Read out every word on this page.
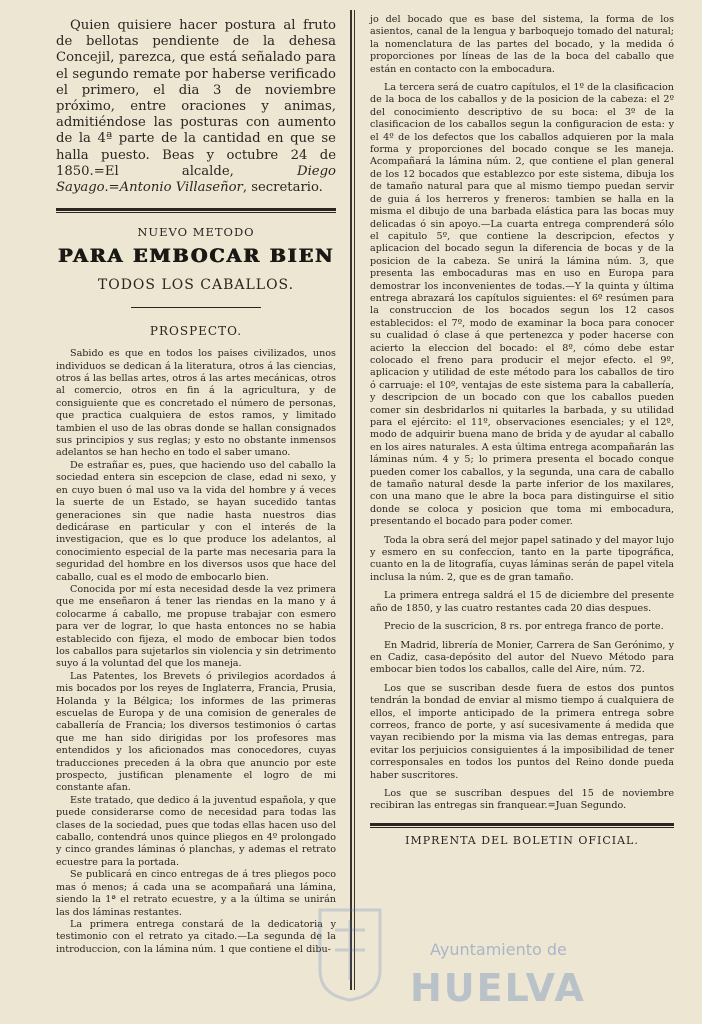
Quien quisiere hacer postura al fruto de bellotas pendiente de la dehesa Concejil, parezca, que está señalado para el segundo remate por haberse verificado el primero, el dia 3 de noviembre próximo, entre oraciones y animas, admitiéndose las posturas con aumento de la 4ª parte de la cantidad en que se halla puesto. Beas y octubre 24 de 1850.=El alcalde, Diego Sayago.=Antonio Villaseñor, secretario.

NUEVO METODO
PARA EMBOCAR BIEN
TODOS LOS CABALLOS.
PROSPECTO.

Sabido es que en todos los paises civilizados, unos individuos se dedican á la literatura, otros á las ciencias, otros á las bellas artes, otros á las artes mecánicas, otros al comercio, otros en fin á la agricultura, y de consiguiente que es concretado el número de personas, que practica cualquiera de estos ramos, y limitado tambien el uso de las obras donde se hallan consignados sus principios y sus reglas; y esto no obstante inmensos adelantos se han hecho en todo el saber umano.

De estrañar es, pues, que haciendo uso del caballo la sociedad entera sin escepcion de clase, edad ni sexo, y en cuyo buen ó mal uso va la vida del hombre y á veces la suerte de un Estado, se hayan sucedido tantas generaciones sin que nadie hasta nuestros dias dedicárase en particular y con el interés de la investigacion, que es lo que produce los adelantos, al conocimiento especial de la parte mas necesaria para la seguridad del hombre en los diversos usos que hace del caballo, cual es el modo de embocarlo bien.

Conocida por mí esta necesidad desde la vez primera que me enseñaron á tener las riendas en la mano y á colocarme á caballo, me propuse trabajar con esmero para ver de lograr, lo que hasta entonces no se habia establecido con fijeza, el modo de embocar bien todos los caballos para sujetarlos sin violencia y sin detrimento suyo á la voluntad del que los maneja.

Las Patentes, los Brevets ó privilegios acordados á mis bocados por los reyes de Inglaterra, Francia, Prusia, Holanda y la Bélgica; los informes de las primeras escuelas de Europa y de una comision de generales de caballería de Francia; los diversos testimonios ó cartas que me han sido dirigidas por los profesores mas entendidos y los aficionados mas conocedores, cuyas traducciones preceden á la obra que anuncio por este prospecto, justifican plenamente el logro de mi constante afan.

Este tratado, que dedico á la juventud española, y que puede considerarse como de necesidad para todas las clases de la sociedad, pues que todas ellas hacen uso del caballo, contendrá unos quince pliegos en 4º prolongado y cinco grandes láminas ó planchas, y ademas el retrato ecuestre para la portada.

Se publicará en cinco entregas de á tres pliegos poco mas ó menos; á cada una se acompañará una lámina, siendo la 1ª el retrato ecuestre, y a la última se unirán las dos láminas restantes.

La primera entrega constará de la dedicatoria y testimonio con el retrato ya citado.—La segunda de la introduccion, con la lámina núm. 1 que contiene el dibu-

jo del bocado que es base del sistema, la forma de los asientos, canal de la lengua y barboquejo tomado del natural; la nomenclatura de las partes del bocado, y la medida ó proporciones por líneas de las de la boca del caballo que están en contacto con la embocadura.

La tercera será de cuatro capítulos, el 1º de la clasificacion de la boca de los caballos y de la posicion de la cabeza: el 2º del conocimiento descriptivo de su boca: el 3º de la clasificacion de los caballos segun la configuracion de esta: y el 4º de los defectos que los caballos adquieren por la mala forma y proporciones del bocado conque se les maneja. Acompañará la lámina núm. 2, que contiene el plan general de los 12 bocados que establezco por este sistema, dibuja los de tamaño natural para que al mismo tiempo puedan servir de guia á los herreros y freneros: tambien se halla en la misma el dibujo de una barbada elástica para las bocas muy delicadas ó sin apoyo.—La cuarta entrega comprenderá sólo el capitulo 5º, que contiene la descripcion, efectos y aplicacion del bocado segun la diferencia de bocas y de la posicion de la cabeza. Se unirá la lámina núm. 3, que presenta las embocaduras mas en uso en Europa para demostrar los inconvenientes de todas.—Y la quinta y última entrega abrazará los capítulos siguientes: el 6º resúmen para la construccion de los bocados segun los 12 casos establecidos: el 7º, modo de examinar la boca para conocer su cualidad ó clase á que pertenezca y poder hacerse con acierto la eleccion del bocado: el 8º, cómo debe estar colocado el freno para producir el mejor efecto. el 9º, aplicacion y utilidad de este método para los caballos de tiro ó carruaje: el 10º, ventajas de este sistema para la caballería, y descripcion de un bocado con que los caballos pueden comer sin desbridarlos ni quitarles la barbada, y su utilidad para el ejército: el 11º, observaciones esenciales; y el 12º, modo de adquirir buena mano de brida y de ayudar al caballo en los aires naturales. A esta última entrega acompañarán las láminas núm. 4 y 5; lo primera presenta el bocado conque pueden comer los caballos, y la segunda, una cara de caballo de tamaño natural desde la parte inferior de los maxilares, con una mano que le abre la boca para distinguirse el sitio donde se coloca y posicion que toma mi embocadura, presentando el bocado para poder comer.

Toda la obra será del mejor papel satinado y del mayor lujo y esmero en su confeccion, tanto en la parte tipográfica, cuanto en la de litografía, cuyas láminas serán de papel vitela inclusa la núm. 2, que es de gran tamaño.

La primera entrega saldrá el 15 de diciembre del presente año de 1850, y las cuatro restantes cada 20 dias despues.

Precio de la suscricion, 8 rs. por entrega franco de porte.

En Madrid, librería de Monier, Carrera de San Gerónimo, y en Cadiz, casa-depósito del autor del Nuevo Método para embocar bien todos los caballos, calle del Aire, núm. 72.

Los que se suscriban desde fuera de estos dos puntos tendrán la bondad de enviar al mismo tiempo á cualquiera de ellos, el importe anticipado de la primera entrega sobre correos, franco de porte, y así sucesivamente á medida que vayan recibiendo por la misma via las demas entregas, para evitar los perjuicios consiguientes á la imposibilidad de tener corresponsales en todos los puntos del Reino donde pueda haber suscritores.

Los que se suscriban despues del 15 de noviembre recibiran las entregas sin franquear.=Juan Segundo.

IMPRENTA DEL BOLETIN OFICIAL.
Ayuntamiento de
HUELVA
